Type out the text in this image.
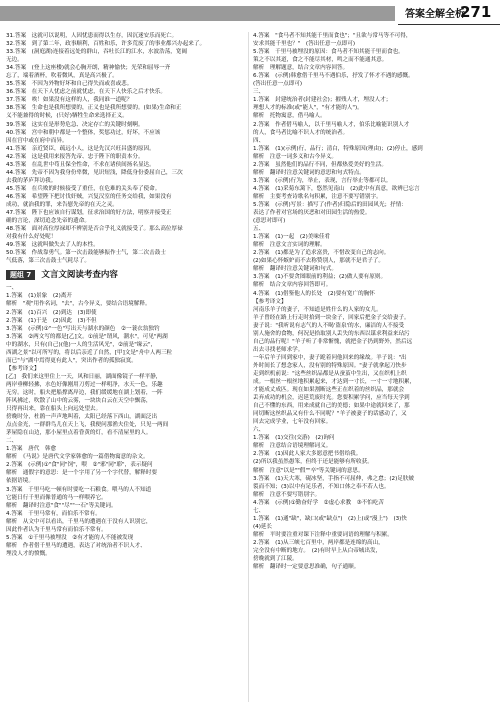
答案全解全析
271
31.答案　这就可以说明，人因忧患而得以生存，因沉迷安乐而死亡。
32.答案　到了第二年，政事顺利，百姓和乐，许多荒废了的事业都兴办起来了。
33.答案　(洞庭湖)连接着远处的群山，吞吐长江的江水，水波浩荡，宽阔
无边。
34.答案　(登上这座楼)就会心胸开朗，精神愉快；光荣和屈辱一齐
忘了，端着酒杯，吹着微风，真是高兴极了。
35.答案　不因为外物好坏和自己得失而或喜或悲。
36.答案　在天下人忧虑之前就忧虑，在天下人快乐之后才快乐。
37.答案　唉！如果没有这样的人，我同谁一道呢？
38.答案　生命也是我所想要的，正义也是我所想要的。(如果)生命和正
义不能兼得的时候，(只好)牺牲生命来选择正义。
39.答案　这实在是形势危急、决定存亡的关键时刻啊。
40.答案　宫中和朝中都是一个整体，奖惩功过，好坏，不应该
因在宫中或在府中而异。
41.答案　亲近贤臣，疏远小人，这是先汉兴旺昌盛的原因。
42.答案　这是我用来报答先帝、忠于陛下的职责本分。
43.答案　在乱世中苟且保全性命，不求在诸侯间扬名显达。
44.答案　先帝不因为我身份卑微，见识短浅，降低身份委屈自己，三次
去我的茅庐拜访我。
45.答案　在兵败的时候接受了重任，在危难的关头奉了使命。
46.答案　希望陛下把讨伐奸贼，兴复汉室的任务交给我，如果没有
成功，就治我的罪，来告慰先帝的在天之灵。
47.答案　陛下也应该自行谋划，征求治国的好方法，明察并接受正
确的言论，深切追念先帝的遗命。
48.答案　面对高位厚禄却不辨别是否合乎礼义就接受了。那么高位厚禄
对我有什么好处呢！
49.答案　这就叫做失去了人的本性。
50.答案　作战靠勇气。第一次击鼓能够振作士气，第二次击鼓士
气低落，第三次击鼓士气耗尽了。
题组 7	文言文阅读考查内容
一、
1.答案　(1)景象　(2)离开
解析　"观"用作名词，"去"，古今异义，要结合语境解释。
2.答案　(1)百兴　(2)到达　(3)即使
2.答案　(1)于是　(2)因此　(3)不但
3.答案　(示例)①"一色"写出天与湖水的颜色　②一蓑衣翁独钓
3.答案　②两文写的都是[乙]文。①前是"谓风，潮水"，可见"两湖
中的湖水，只有(自己)(他)一人的生活风光"，②前是"缘云"，
西湖之景"以可所写的，将以后亲近了自然，[甲]文是"舟中人两三粒
而已"与"湖中焉得更有此人"，突出作者的孤独寂寞。
【参考译文】
[乙]　我们来这里住上一天，风和日丽，湖面像镜子一样平静，
两岸垂柳轻拂，水色好像刚用刀剪过一样明净，水天一色，乐趣
无穷。这时，船夫把船撑离岸边，我们缓缓地在湖上划着，一阵
阵风拂过，吹散了山中的云雾，一块块白云在天空中飘荡，
只得再出来，靠在船头上向远处望去。
傍晚时分，杜鹃一声声地叫着，太阳已经落下西山，湖面泛出
点点金光，一群群鸟儿在天上飞，我便问那渔夫住处，只见一两间
茅屋隐在山边，那小屋里点着昏黄的灯，看不清屋里的人。
二、
1.答案　唐代　韩愈
解析　《马说》是唐代文学家韩愈的一篇借物寓意的杂文。
2.答案　(示例)①"食"同"饲"，喂　②"邪"同"耶"，表示疑问
解析　通假字的意思：是一个字用了另一个字代替，解释时要
依据语境。
3.答案　千里马吃一顿有时要吃一石粮食。喂马的人不知道
它能日行千里而像普通的马一样喂养它。
解析　翻译时注意"食""尽""一石"等关键词。
4.答案　千里马常有，而伯乐不常有。
解析　从文中可以看出，千里马的遭遇在于没有人识别它，
因此作者认为千里马常有而伯乐不常有。
5.答案　①千里马被埋没　②有才能的人不能被发现
解析　作者借千里马的遭遇，表达了对统治者不识人才、
埋没人才的愤慨。
4.答案　"食马者不知其能千里而食也"；"且欲与常马等不可得，
安求其能千里也？"　(答出任意一点即可)
5.答案　千里马被埋没的原因：食马者不知其能千里而食也。
策之不以其道，食之不能尽其材，鸣之而不能通其意。
解析　理解题意，结合文章内容回答。
6.答案　(示例)韩愈借千里马不遇伯乐，抒发了怀才不遇的感慨。
(答出任意一点即可)
三、
1.答案　封建统治者(封建社会)；摧残人才，埋没人才；
理想人才的标准(或"能人"，"有才能的人")。
解析　托物寓意，借马喻人。
2.答案　作者借马喻人，以千里马喻人才，伯乐比喻能识别人才
的人，食马者比喻不识人才的统治者。
四、
1.答案　(1)(示例)行，品行；清白，特殊原因(理由)；(2)停止，感到
解析　注意一词多义和古今异义。
2.答案　虽然他们的品行不同，但都热爱美好的生活。
解析　翻译时注意关键词的意思和句式特点。
3.答案　(示例)行为，举止，表现，言行举止等都可以。
4.答案　(1)采菊东篱下，悠然见南山　(2)此中有真意，欲辨已忘言
解析　主要考查诗歌名句积累，注意不要写错别字。
5.答案　(示例)写景：描写了(作者)归隐后的田园风光；抒情：
表达了作者对官场的厌恶和对田园生活的热爱。
(意思对即可)
五、
1.答案　(1)一起　(2)美味佳肴
解析　注意文言实词的理解。
2.答案　(1)都是为了追求富贵，不惜改变自己的志向。
(2)如果心怀嫉妒而不去称赞别人，那就不是君子了。
解析　翻译时注意关键词和句式。
3.答案　(1)不要贪图眼前的利益；(2)做人要有原则。
解析　结合文章内容回答即可。
4.答案　(1)借鉴他人的长处　(2)要有宽广的胸怀
【参考译文】
河南乐羊子的妻子，不知道是姓什么的人家的女儿。
羊子曾经在路上行走时拾到一块金子，回家后把金子交给妻子。
妻子说："我听说有志气的人不喝'盗泉'的水，廉洁的人不接受
别人施舍的食物，何况是拾取别人丢失的东西以谋求利益来玷污
自己的品行呢！"羊子听了非常惭愧，就把金子扔到野外，然后远
出去寻找老师求学。
一年后羊子回到家中，妻子跪着问他回来的缘故。羊子说："出
外时间长了想念家人，没有别的特殊原因。"妻子就拿起刀快步
走到织机前说："这些丝织品都是从蚕茧中生出，又在织机上织
成。一根丝一根丝地积累起来，才达到一寸长，一寸一寸地积累，
才能成丈成匹。现在如果割断这些正在织着的丝织品，那就会
丢弃成功的机会，迟延荒废时光。您要积累学问，应当每天学到
自己不懂的东西，用来成就自己的美德；如果中途就回来了，那
同切断这丝织品又有什么不同呢？"羊子被妻子的话感动了，又
回去完成学业，七年没有回家。
六、
1.答案　(1)交往(交游)　(2)询问
解析　注意结合语境理解词义。
2.答案　(1)因此人家大多愿意把书借给我。
(2)所以我虽然愚笨，但终于还是能够有所收获。
解析　注意"以是""假""卒"等关键词的意思。
3.答案　(1)天大寒，砚冰坚，手指不可屈伸，弗之怠；(2)足肤皴
裂而不知；(3)以中有足乐者，不知口体之奉不若人也。
解析　注意不要写错别字。
4.答案　(示例)①勤奋好学　②虚心求教　③不怕吃苦
七、
1.答案　(1)通"缺"，缺口(或"缺点")　(2)上(或"漫上")　(3)快
(4)延长
解析　平时要注重对课下注释中重要词语的理解与积累。
2.答案　(1)从三峡七百里中，两岸都是连绵的高山，
完全没有中断的地方。　(2)有时早上从白帝城出发，
傍晚就到了江陵。
解析　翻译时一定要意思准确，句子通顺。
